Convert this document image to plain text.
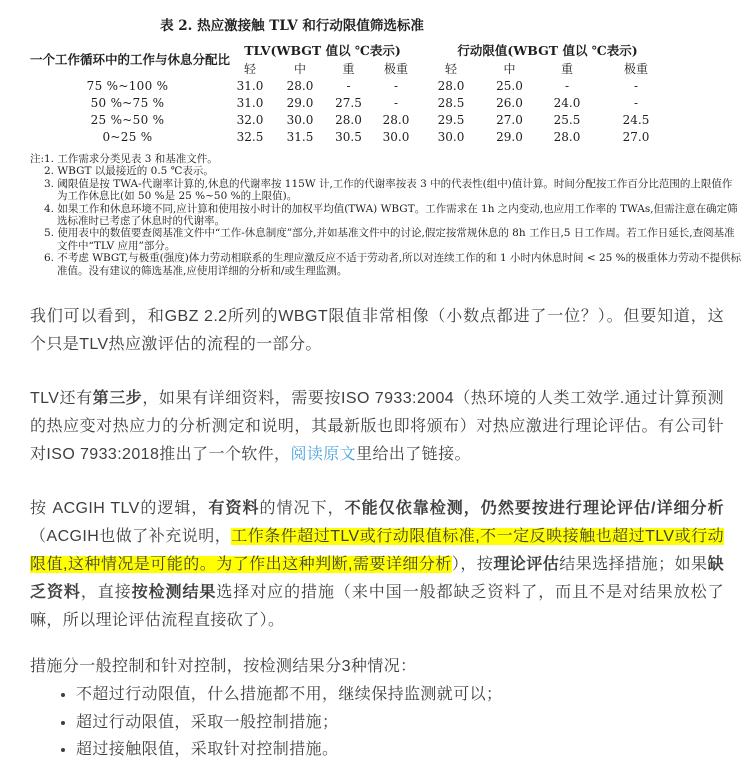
表 2. 热应激接触 TLV 和行动限值筛选标准
一个工作循环中的工作与休息分配比	TLV(WBGT 值以 ℃表示)				行动限值(WBGT 值以 ℃表示)			
	轻	中	重	极重	轻	中	重	极重
75 %~100 %	31.0	28.0	-	-	28.0	25.0	-	-
50 %~75 %	31.0	29.0	27.5	-	28.5	26.0	24.0	-
25 %~50 %	32.0	30.0	28.0	28.0	29.5	27.0	25.5	24.5
0~25 %	32.5	31.5	30.5	30.0	30.0	29.0	28.0	27.0
注: 1. 工作需求分类见表 3 和基准文件。
2. WBGT 以最接近的 0.5 ℃表示。
3. 阈限值是按 TWA-代谢率计算的,休息的代谢率按 115W 计,工作的代谢率按表 3 中的代表性(组中)值计算。时间分配按工作百分比范围的上限值作为工作休息比(如 50 %是 25 %~50 %的上限值)。
4. 如果工作和休息环境不同,应计算和使用按小时计的加权平均值(TWA) WBGT。工作需求在 1h 之内变动,也应用工作率的 TWAs,但需注意在确定筛选标准时已考虑了休息时的代谢率。
5. 使用表中的数值要查阅基准文件中“工作-休息制度”部分,并如基准文件中的讨论,假定按常规休息的 8h 工作日,5 日工作周。若工作日延长,查阅基准文件中“TLV 应用”部分。
6. 不考虑 WBGT,与极重(强度)体力劳动相联系的生理应激反应不适于劳动者,所以对连续工作的和 1 小时内休息时间 < 25 %的极重体力劳动不提供标准值。没有建议的筛选基准,应使用详细的分析和/或生理监测。

我们可以看到，和GBZ 2.2所列的WBGT限值非常相像（小数点都进了一位？）。但要知道，这个只是TLV热应激评估的流程的一部分。

TLV还有第三步，如果有详细资料，需要按ISO 7933:2004（热环境的人类工效学.通过计算预测的热应变对热应力的分析测定和说明，其最新版也即将颁布）对热应激进行理论评估。有公司针对ISO 7933:2018推出了一个软件，阅读原文里给出了链接。

按 ACGIH TLV的逻辑，有资料的情况下，不能仅依靠检测，仍然要按进行理论评估/详细分析（ACGIH也做了补充说明，工作条件超过TLV或行动限值标准,不一定反映接触也超过TLV或行动限值,这种情况是可能的。为了作出这种判断,需要详细分析），按理论评估结果选择措施；如果缺乏资料，直接按检测结果选择对应的措施（来中国一般都缺乏资料了，而且不是对结果放松了嘛，所以理论评估流程直接砍了）。

措施分一般控制和针对控制，按检测结果分3种情况：

• 不超过行动限值，什么措施都不用，继续保持监测就可以；
• 超过行动限值，采取一般控制措施；
• 超过接触限值，采取针对控制措施。
